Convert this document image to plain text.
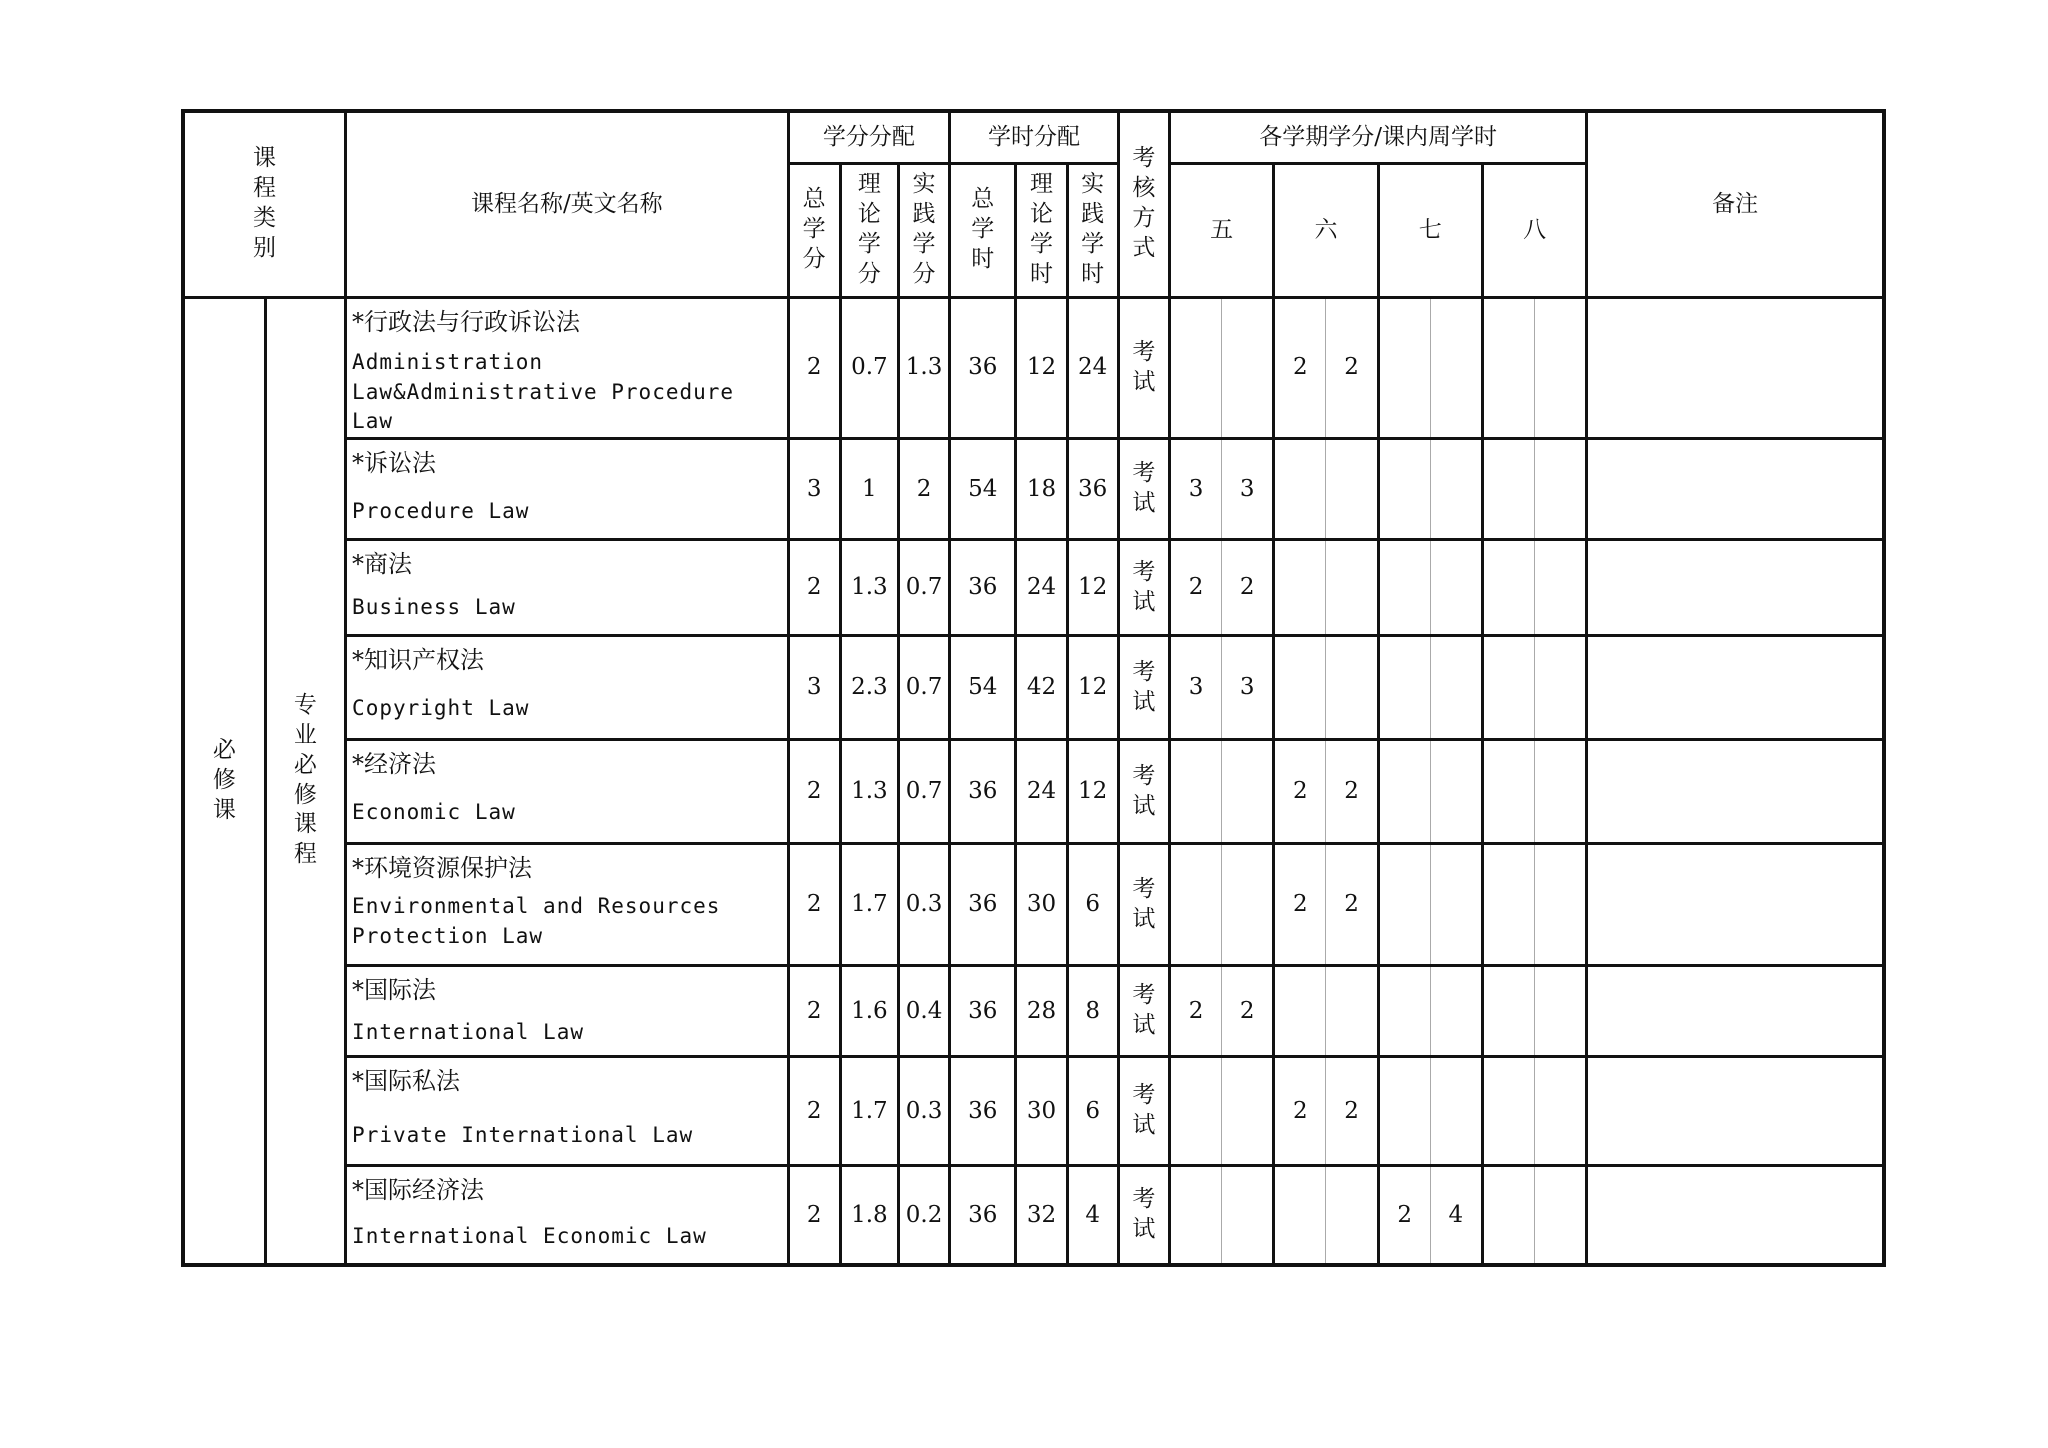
课程类别		课程名称/英文名称	学分分配			学时分配			考核方式	各学期学分/课内周学时								备注
			总学分	理论学分	实践学分	总学时	理论学时	实践学时		五		六		七		八		
必修课	专业必修课程	*行政法与行政诉讼法
Administration Law&Administrative Procedure Law	2	0.7	1.3	36	12	24	考试			2	2					

		*诉讼法
Procedure Law	3	1	2	54	18	36	考试	3	3							

		*商法
Business Law	2	1.3	0.7	36	24	12	考试	2	2							

		*知识产权法
Copyright Law	3	2.3	0.7	54	42	12	考试	3	3							

		*经济法
Economic Law	2	1.3	0.7	36	24	12	考试			2	2					

		*环境资源保护法
Environmental and Resources Protection Law	2	1.7	0.3	36	30	6	考试			2	2					

		*国际法
International Law	2	1.6	0.4	36	28	8	考试	2	2							

		*国际私法
Private International Law	2	1.7	0.3	36	30	6	考试			2	2					

		*国际经济法
International Economic Law	2	1.8	0.2	36	32	4	考试					2	4			
